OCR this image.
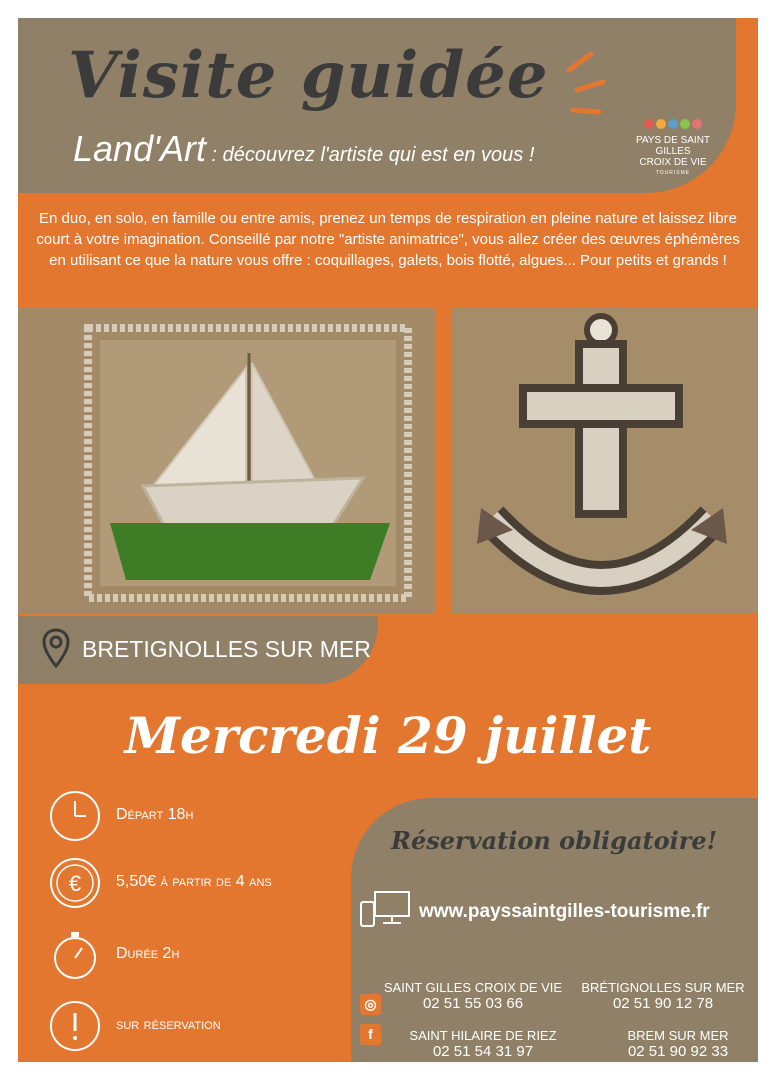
Visite guidée
Land'Art : découvrez l'artiste qui est en vous !
PAYS DE SAINT GILLES
CROIX DE VIE
TOURISME
En duo, en solo, en famille ou entre amis, prenez un temps de respiration en pleine nature et laissez libre court à votre imagination. Conseillé par notre "artiste animatrice", vous allez créer des œuvres éphémères en utilisant ce que la nature vous offre : coquillages, galets, bois flotté, algues... Pour petits et grands !
BRETIGNOLLES SUR MER
Mercredi 29 juillet
Départ 18h
€ 5,50€ à partir de 4 ans
Durée 2h
sur réservation
Réservation obligatoire!
www.payssaintgilles-tourisme.fr
SAINT GILLES CROIX DE VIE
02 51 55 03 66
BRÉTIGNOLLES SUR MER
02 51 90 12 78
SAINT HILAIRE DE RIEZ
02 51 54 31 97
BREM SUR MER
02 51 90 92 33
◎
f
